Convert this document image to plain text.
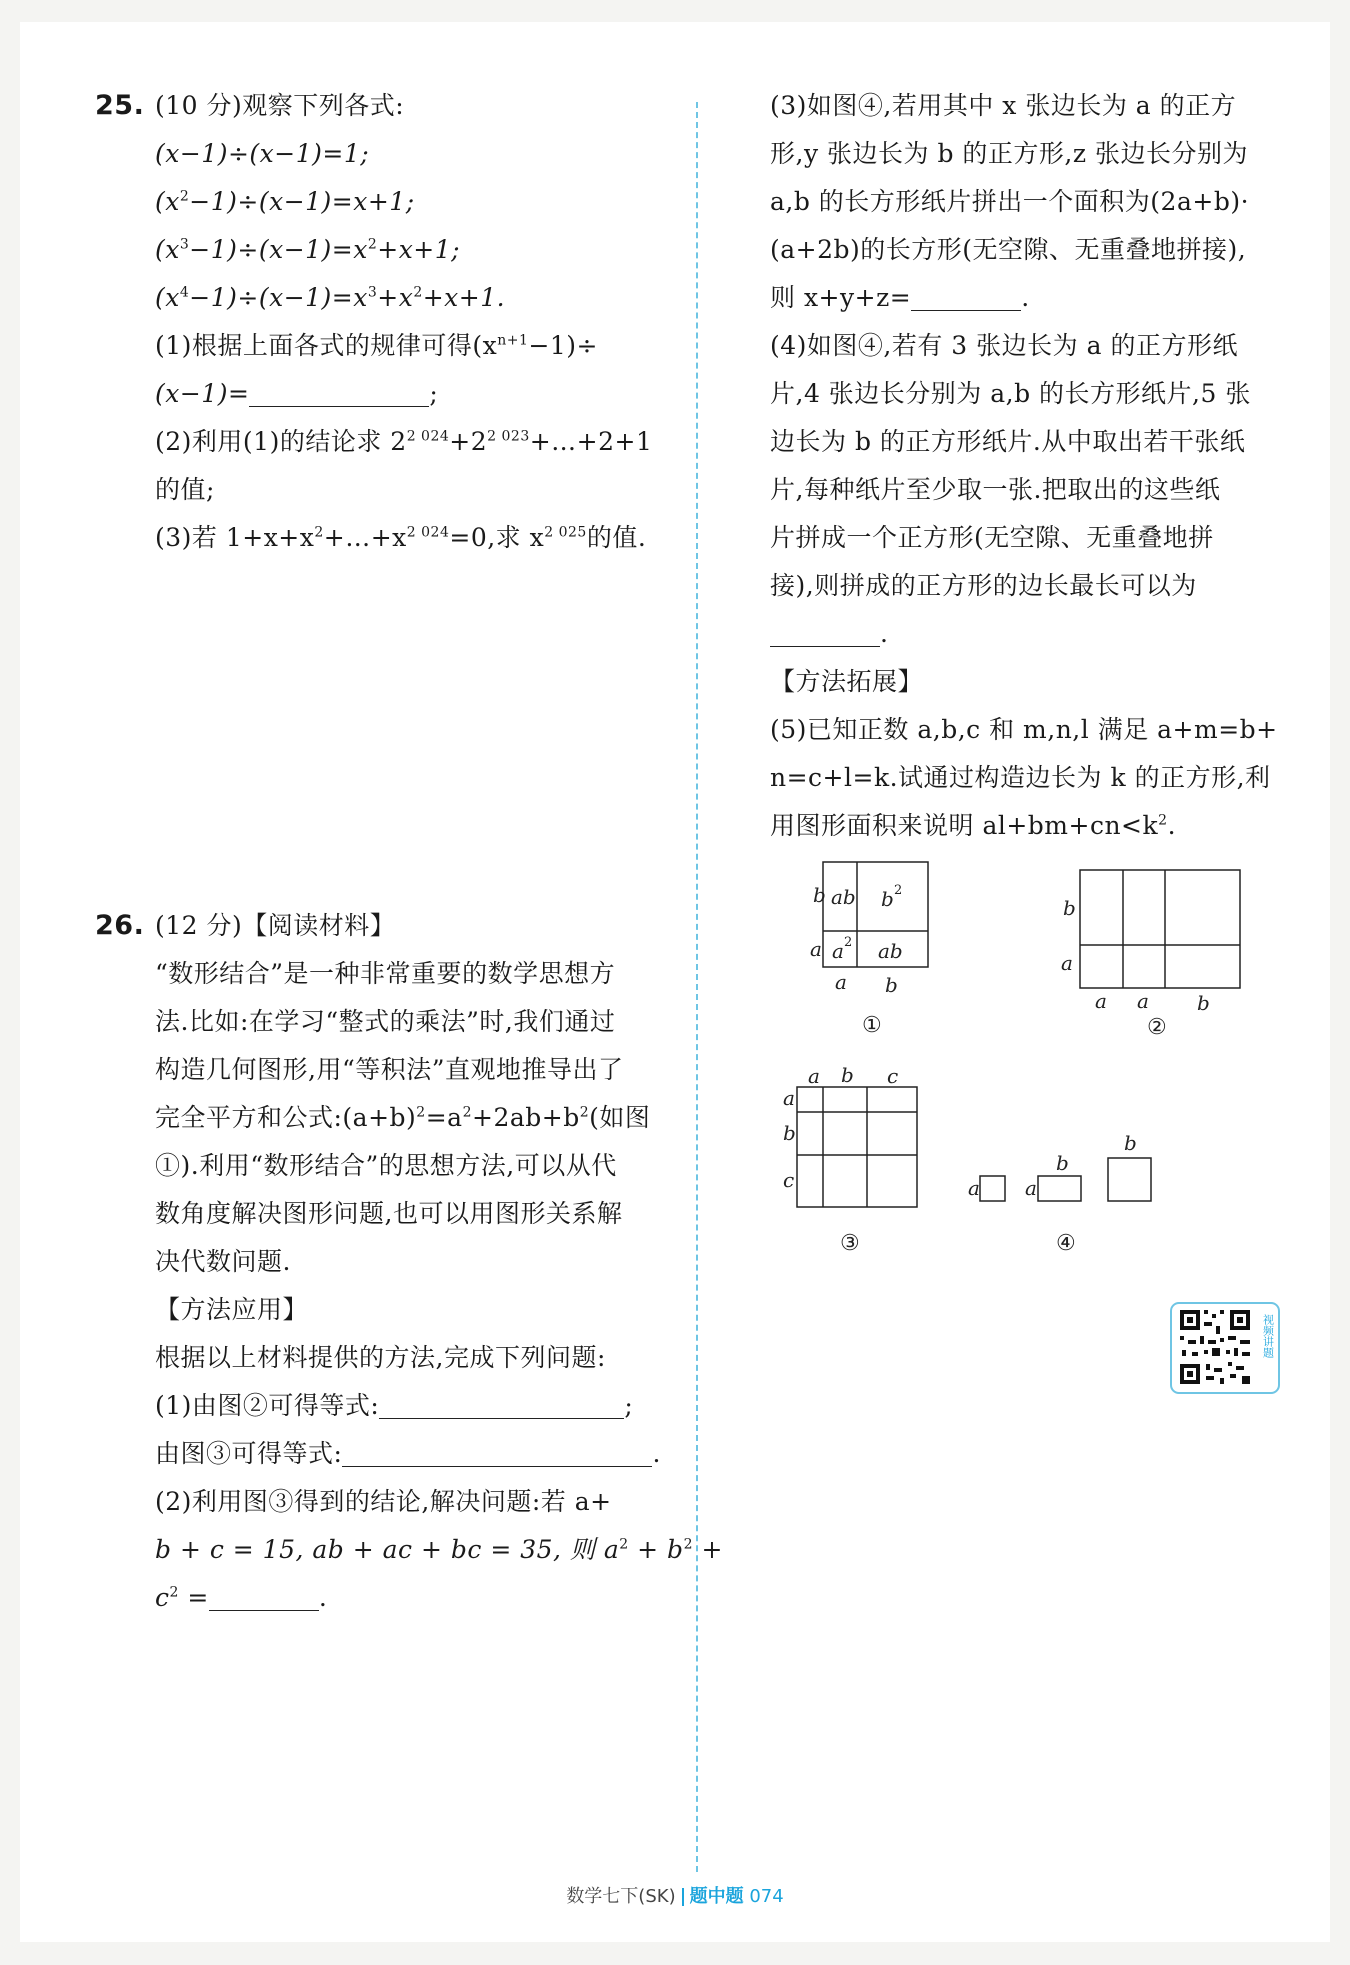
25. (10 分)观察下列各式:
(x−1)÷(x−1)=1;
$(x^2-1)\div(x-1)=x+1$;
$(x^3-1)\div(x-1)=x^2+x+1$;
$(x^4-1)\div(x-1)=x^3+x^2+x+1$.
(1)根据上面各式的规律可得$(x^{n+1}-1)\div$
(x−1)=	;
(2)利用(1)的结论求 $2^{2 024}+2^{2 023}+\dots+2+1$
的值;
(3)若 $1+x+x^2+\dots+x^{2 024}=0$,求 $x^{2 025}$的值.
26. (12 分)【阅读材料】
“数形结合”是一种非常重要的数学思想方
法.比如:在学习“整式的乘法”时,我们通过
构造几何图形,用“等积法”直观地推导出了
完全平方和公式$:(a+b)^2=a^2+2ab+b^2$(如图
①).利用“数形结合”的思想方法,可以从代
数角度解决图形问题,也可以用图形关系解
决代数问题.
【方法应用】
根据以上材料提供的方法,完成下列问题:
(1)由图②可得等式:	;
由图③可得等式:	.
(2)利用图③得到的结论,解决问题:若 a+
b + c = 15, ab + ac + bc = 35, 则 $a^2 + b^2$ +
$c^2$ =	.
(3)如图④,若用其中 x 张边长为 a 的正方
形,y 张边长为 b 的正方形,z 张边长分别为
a,b 的长方形纸片拼出一个面积为(2a+b)·
(a+2b)的长方形(无空隙、无重叠地拼接),
则 x+y+z=	.
(4)如图④,若有 3 张边长为 a 的正方形纸
片,4 张边长分别为 a,b 的长方形纸片,5 张
边长为 b 的正方形纸片.从中取出若干张纸
片,每种纸片至少取一张.把取出的这些纸
片拼成一个正方形(无空隙、无重叠地拼
接),则拼成的正方形的边长最长可以为
.
【方法拓展】
(5)已知正数 a,b,c 和 m,n,l 满足 a+m=b+
n=c+l=k.试通过构造边长为 k 的正方形,利
用图形面积来说明 $al+bm+cn<k^2$.
b ab b 2
a a 2 ab
a b
①
b
a
a a b
②
a b c
a
b
c
③
a a
b
b
④
视频讲题
数学七下(SK) 题中题 074
